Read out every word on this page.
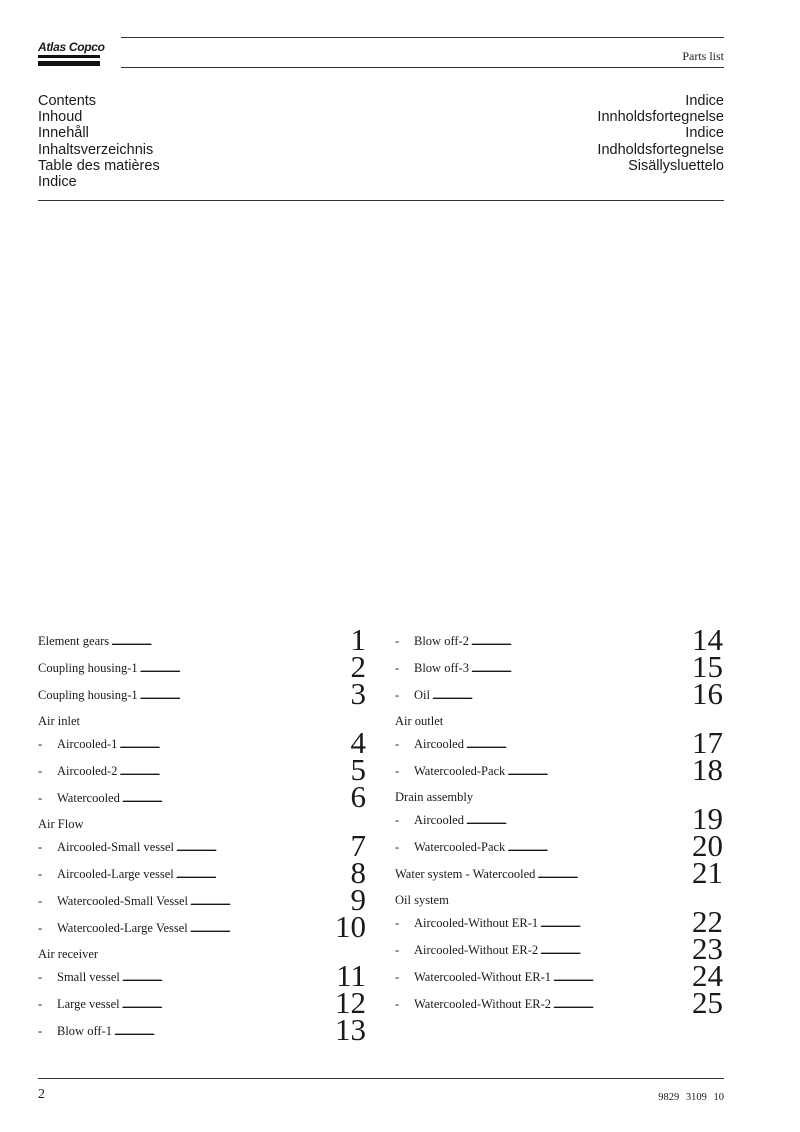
Atlas Copco
Parts list
Contents
Inhoud
Innehåll
Inhaltsverzeichnis
Table des matières
Indice
Indice
Innholdsfortegnelse
Indice
Indholdsfortegnelse
Sisällysluettelo
Element gears . . .	1
Coupling housing-1 . . .	2
Coupling housing-1 . . .	3
Air inlet
-	Aircooled-1 . . .	4
-	Aircooled-2 . . .	5
-	Watercooled . . .	6
Air Flow
-	Aircooled-Small vessel . . .	7
-	Aircooled-Large vessel . . .	8
-	Watercooled-Small Vessel . . .	9
-	Watercooled-Large Vessel . . .	10
Air receiver
-	Small vessel . . .	11
-	Large vessel . . .	12
-	Blow off-1 . . .	13
-	Blow off-2 . . .	14
-	Blow off-3 . . .	15
-	Oil . . .	16
Air outlet
-	Aircooled . . .	17
-	Watercooled-Pack . . .	18
Drain assembly
-	Aircooled . . .	19
-	Watercooled-Pack . . .	20
Water system - Watercooled . . .	21
Oil system
-	Aircooled-Without ER-1 . . .	22
-	Aircooled-Without ER-2 . . .	23
-	Watercooled-Without ER-1 . . .	24
-	Watercooled-Without ER-2 . . .	25
2	9829 3109 10
